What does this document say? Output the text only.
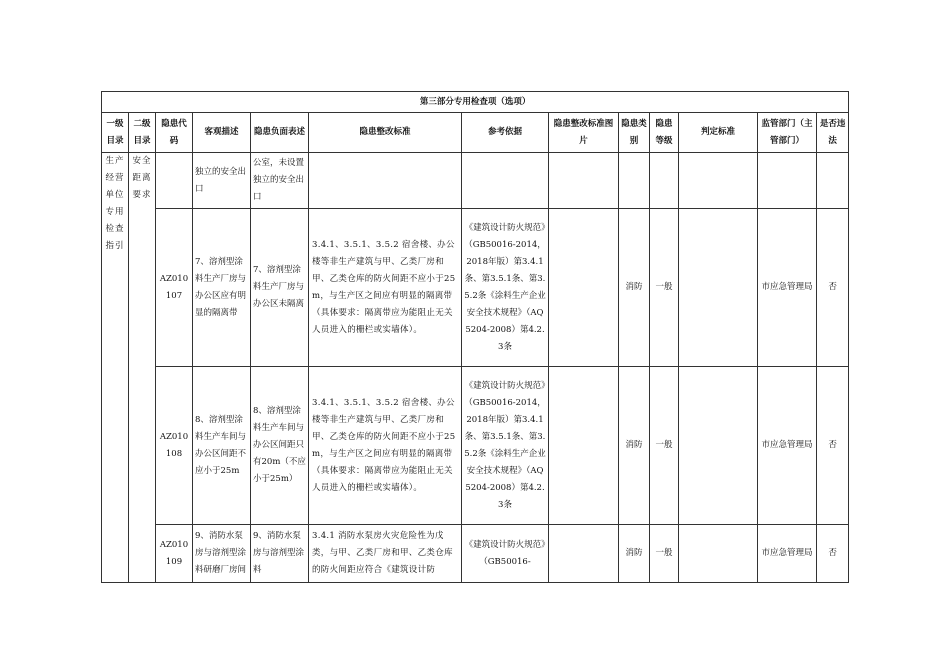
第三部分专用检查项（选项）												
一级目录	二级目录	隐患代码	客观描述	隐患负面表述	隐患整改标准	参考依据	隐患整改标准图片	隐患类别	隐患等级	判定标准	监管部门（主管部门）	是否违法
生产经营单位专用检查指引	安全距离要求		独立的安全出口	公室，未设置独立的安全出口								
		AZ010107	7、溶剂型涂料生产厂房与办公区应有明显的隔离带	7、溶剂型涂料生产厂房与办公区未隔离	3.4.1、3.5.1、3.5.2 宿舍楼、办公楼等非生产建筑与甲、乙类厂房和甲、乙类仓库的防火间距不应小于25m，与生产区之间应有明显的隔离带（具体要求：隔离带应为能阻止无关人员进入的栅栏或实墙体）。	《建筑设计防火规范》（GB50016-2014，2018年版）第3.4.1条、第3.5.1条、第3.5.2条《涂料生产企业安全技术规程》（AQ5204-2008）第4.2.3条		消防	一般		市应急管理局	否
		AZ010108	8、溶剂型涂料生产车间与办公区间距不应小于25m	8、溶剂型涂料生产车间与办公区间距只有20m（不应小于25m）	3.4.1、3.5.1、3.5.2 宿舍楼、办公楼等非生产建筑与甲、乙类厂房和甲、乙类仓库的防火间距不应小于25m，与生产区之间应有明显的隔离带（具体要求：隔离带应为能阻止无关人员进入的栅栏或实墙体）。	《建筑设计防火规范》（GB50016-2014，2018年版）第3.4.1条、第3.5.1条、第3.5.2条《涂料生产企业安全技术规程》（AQ5204-2008）第4.2.3条		消防	一般		市应急管理局	否
		AZ010109	9、消防水泵房与溶剂型涂料研磨厂房间	9、消防水泵房与溶剂型涂料	3.4.1 消防水泵房火灾危险性为戊类，与甲、乙类厂房和甲、乙类仓库的防火间距应符合《建筑设计防	《建筑设计防火规范》（GB50016-		消防	一般		市应急管理局	否
